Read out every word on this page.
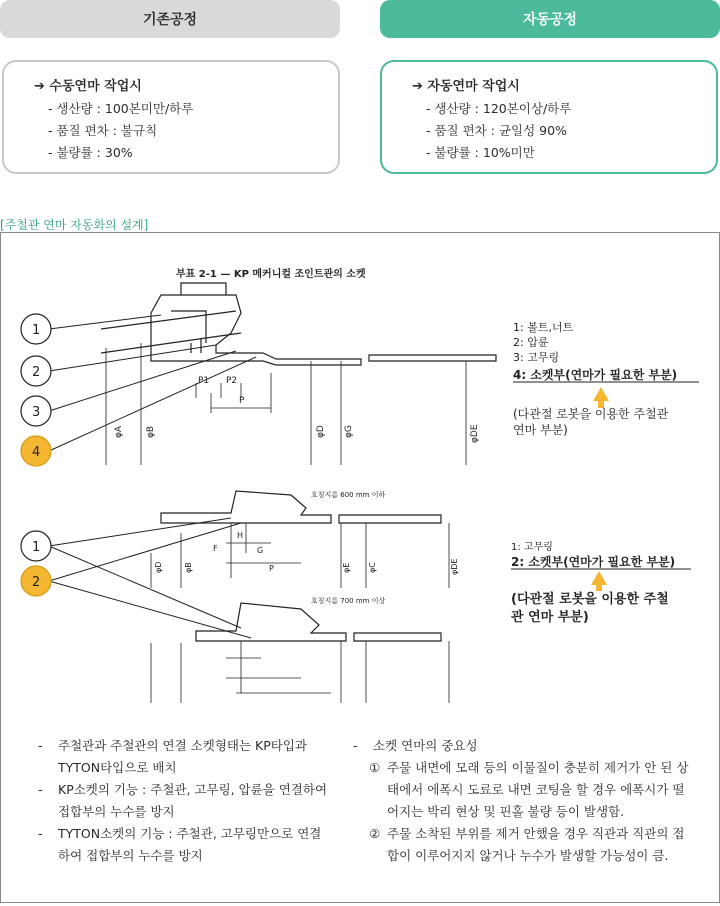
기존공정	자동공정
➔ 수동연마 작업시
- 생산량 : 100본미만/하루
- 품질 편차 : 불규칙
- 불량률 : 30%
➔ 자동연마 작업시
- 생산량 : 120본이상/하루
- 품질 편차 : 균일성 90%
- 불량률 : 10%미만
[주철관 연마 자동화의 설계]
부표 2-1 — KP 메커니컬 조인트관의 소켓
P1 P2
P
φA φB	φD φG	φDE
1
2
3
4
1: 볼트,너트
2: 압륜
3: 고무링
4: 소켓부(연마가 필요한 부분)
(다관절 로봇을 이용한 주철관
연마 부분)
호칭지름 600 mm 이하
H
F	G
P
φD	φB	φE φC	φDE
호칭지름 700 mm 이상
1
2
1: 고무링
2: 소켓부(연마가 필요한 부분)
(다관절 로봇을 이용한 주철
관 연마 부분)
- 주철관과 주철관의 연결 소켓형태는 KP타입과
TYTON타입으로 배치
- KP소켓의 기능 : 주철관, 고무링, 압륜을 연결하여
접합부의 누수를 방지
- TYTON소켓의 기능 : 주철관, 고무링만으로 연결
하여 접합부의 누수를 방지
- 소켓 연마의 중요성
① 주물 내면에 모래 등의 이물질이 충분히 제거가 안 된 상
태에서 에폭시 도료로 내면 코팅을 할 경우 에폭시가 떨
어지는 박리 현상 및 핀홀 불량 등이 발생함.
② 주물 소착된 부위를 제거 안했을 경우 직관과 직관의 접
합이 이루어지지 않거나 누수가 발생할 가능성이 큼.
